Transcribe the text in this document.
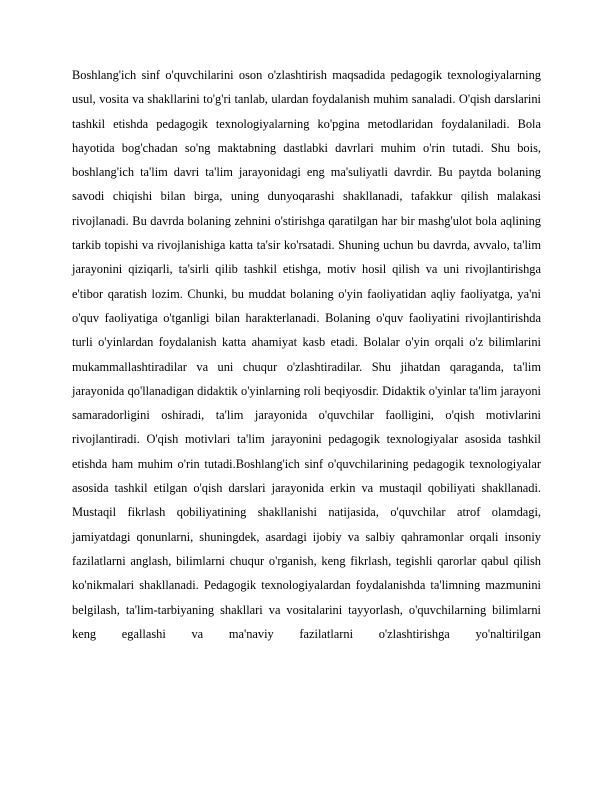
Boshlang'ich sinf o'quvchilarini oson o'zlashtirish maqsadida pedagogik texnologiyalarning usul, vosita va shakllarini to'g'ri tanlab, ulardan foydalanish muhim sanaladi. O'qish darslarini tashkil etishda pedagogik texnologiyalarning ko'pgina metodlaridan foydalaniladi. Bola hayotida bog'chadan so'ng maktabning dastlabki davrlari muhim o'rin tutadi. Shu bois, boshlang'ich ta'lim davri ta'lim jarayonidagi eng ma'suliyatli davrdir. Bu paytda bolaning savodi chiqishi bilan birga, uning dunyoqarashi shakllanadi, tafakkur qilish malakasi rivojlanadi. Bu davrda bolaning zehnini o'stirishga qaratilgan har bir mashg'ulot bola aqlining tarkib topishi va rivojlanishiga katta ta'sir ko'rsatadi. Shuning uchun bu davrda, avvalo, ta'lim jarayonini qiziqarli, ta'sirli qilib tashkil etishga, motiv hosil qilish va uni rivojlantirishga e'tibor qaratish lozim. Chunki, bu muddat bolaning o'yin faoliyatidan aqliy faoliyatga, ya'ni o'quv faoliyatiga o'tganligi bilan harakterlanadi. Bolaning o'quv faoliyatini rivojlantirishda turli o'yinlardan foydalanish katta ahamiyat kasb etadi. Bolalar o'yin orqali o'z bilimlarini mukammallashtiradilar va uni chuqur o'zlashtiradilar. Shu jihatdan qaraganda, ta'lim jarayonida qo'llanadigan didaktik o'yinlarning roli beqiyosdir. Didaktik o'yinlar ta'lim jarayoni samaradorligini oshiradi, ta'lim jarayonida o'quvchilar faolligini, o'qish motivlarini rivojlantiradi. O'qish motivlari ta'lim jarayonini pedagogik texnologiyalar asosida tashkil etishda ham muhim o'rin tutadi.Boshlang'ich sinf o'quvchilarining pedagogik texnologiyalar asosida tashkil etilgan o'qish darslari jarayonida erkin va mustaqil qobiliyati shakllanadi. Mustaqil fikrlash qobiliyatining shakllanishi natijasida, o'quvchilar atrof olamdagi, jamiyatdagi qonunlarni, shuningdek, asardagi ijobiy va salbiy qahramonlar orqali insoniy fazilatlarni anglash, bilimlarni chuqur o'rganish, keng fikrlash, tegishli qarorlar qabul qilish ko'nikmalari shakllanadi. Pedagogik texnologiyalardan foydalanishda ta'limning mazmunini belgilash, ta'lim-tarbiyaning shakllari va vositalarini tayyorlash, o'quvchilarning bilimlarni keng egallashi va ma'naviy fazilatlarni o'zlashtirishga yo'naltirilgan
